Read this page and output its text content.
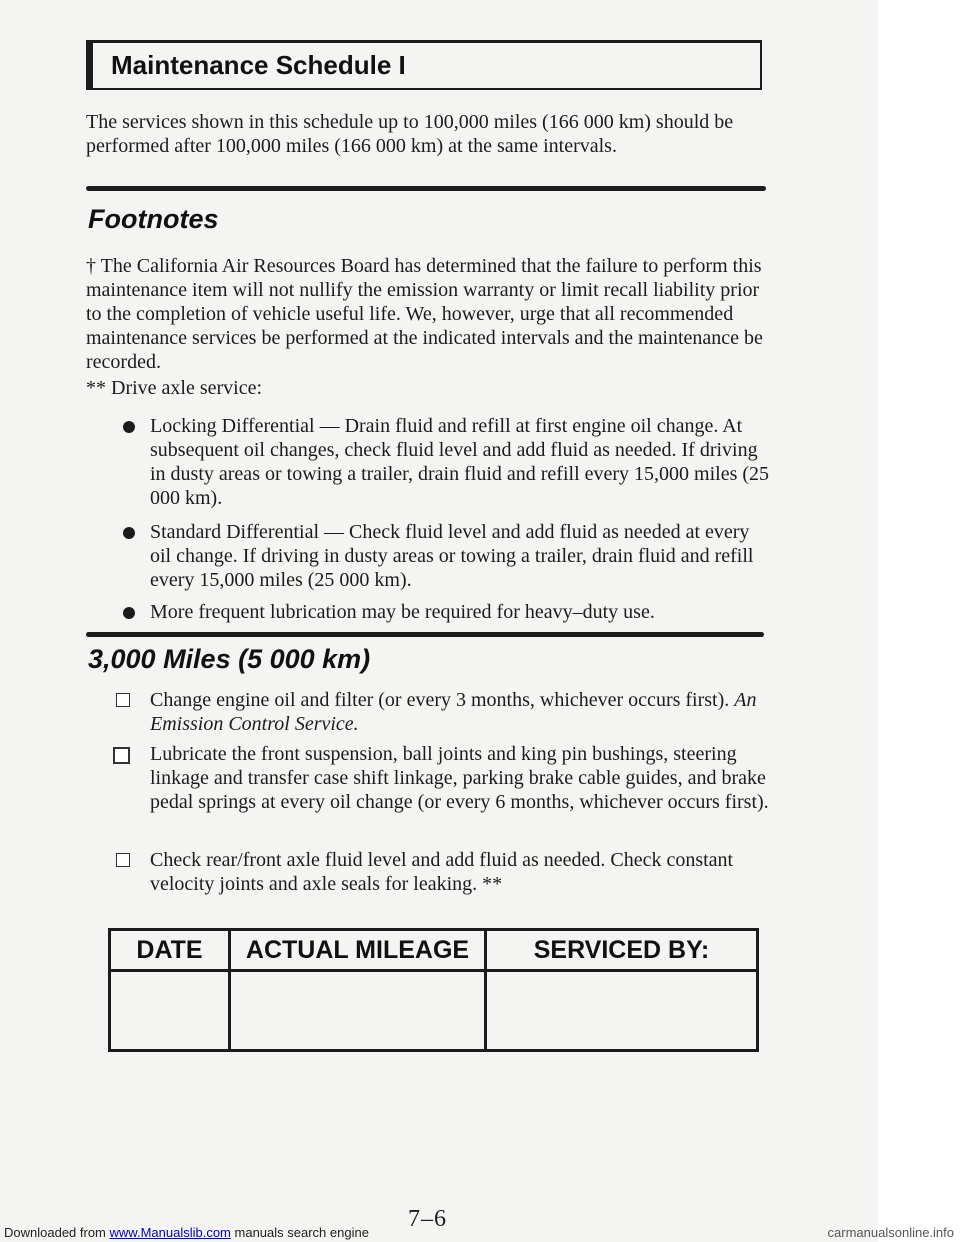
Maintenance Schedule I

The services shown in this schedule up to 100,000 miles (166 000 km) should be performed after 100,000 miles (166 000 km) at the same intervals.

Footnotes

† The California Air Resources Board has determined that the failure to perform this maintenance item will not nullify the emission warranty or limit recall liability prior to the completion of vehicle useful life. We, however, urge that all recommended maintenance services be performed at the indicated intervals and the maintenance be recorded.

** Drive axle service:

Locking Differential — Drain fluid and refill at first engine oil change. At subsequent oil changes, check fluid level and add fluid as needed. If driving in dusty areas or towing a trailer, drain fluid and refill every 15,000 miles (25 000 km).
Standard Differential — Check fluid level and add fluid as needed at every oil change. If driving in dusty areas or towing a trailer, drain fluid and refill every 15,000 miles (25 000 km).
More frequent lubrication may be required for heavy–duty use.
3,000 Miles (5 000 km)
Change engine oil and filter (or every 3 months, whichever occurs first). An Emission Control Service.
Lubricate the front suspension, ball joints and king pin bushings, steering linkage and transfer case shift linkage, parking brake cable guides, and brake pedal springs at every oil change (or every 6 months, whichever occurs first).
Check rear/front axle fluid level and add fluid as needed. Check constant velocity joints and axle seals for leaking. **
DATE	ACTUAL MILEAGE	SERVICED BY:

7–6
Downloaded from www.Manualslib.com manuals search engine	carmanualsonline.info
